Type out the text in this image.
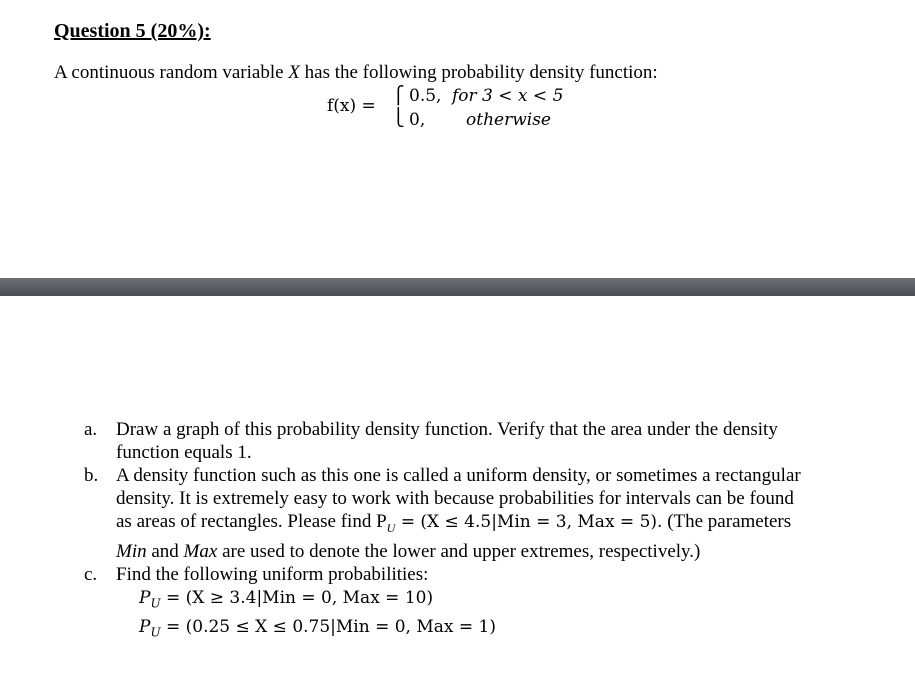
Question 5 (20%):
A continuous random variable X has the following probability density function:
f(x) = ⎧
⎩
0.5, for 3 < x < 5
0, otherwise
a. Draw a graph of this probability density function. Verify that the area under the density
function equals 1.
b. A density function such as this one is called a uniform density, or sometimes a rectangular
density. It is extremely easy to work with because probabilities for intervals can be found
as areas of rectangles. Please find $P_U = (X \le 4.5|Min = 3$, Max = 5). (The parameters
Min and Max are used to denote the lower and upper extremes, respectively.)
c. Find the following uniform probabilities:
$P_U = (X \ge 3.4|Min = 0$, Max = 10)
$P_U = (0.25 \le X \le 0.75|Min = 0$, Max = 1)
